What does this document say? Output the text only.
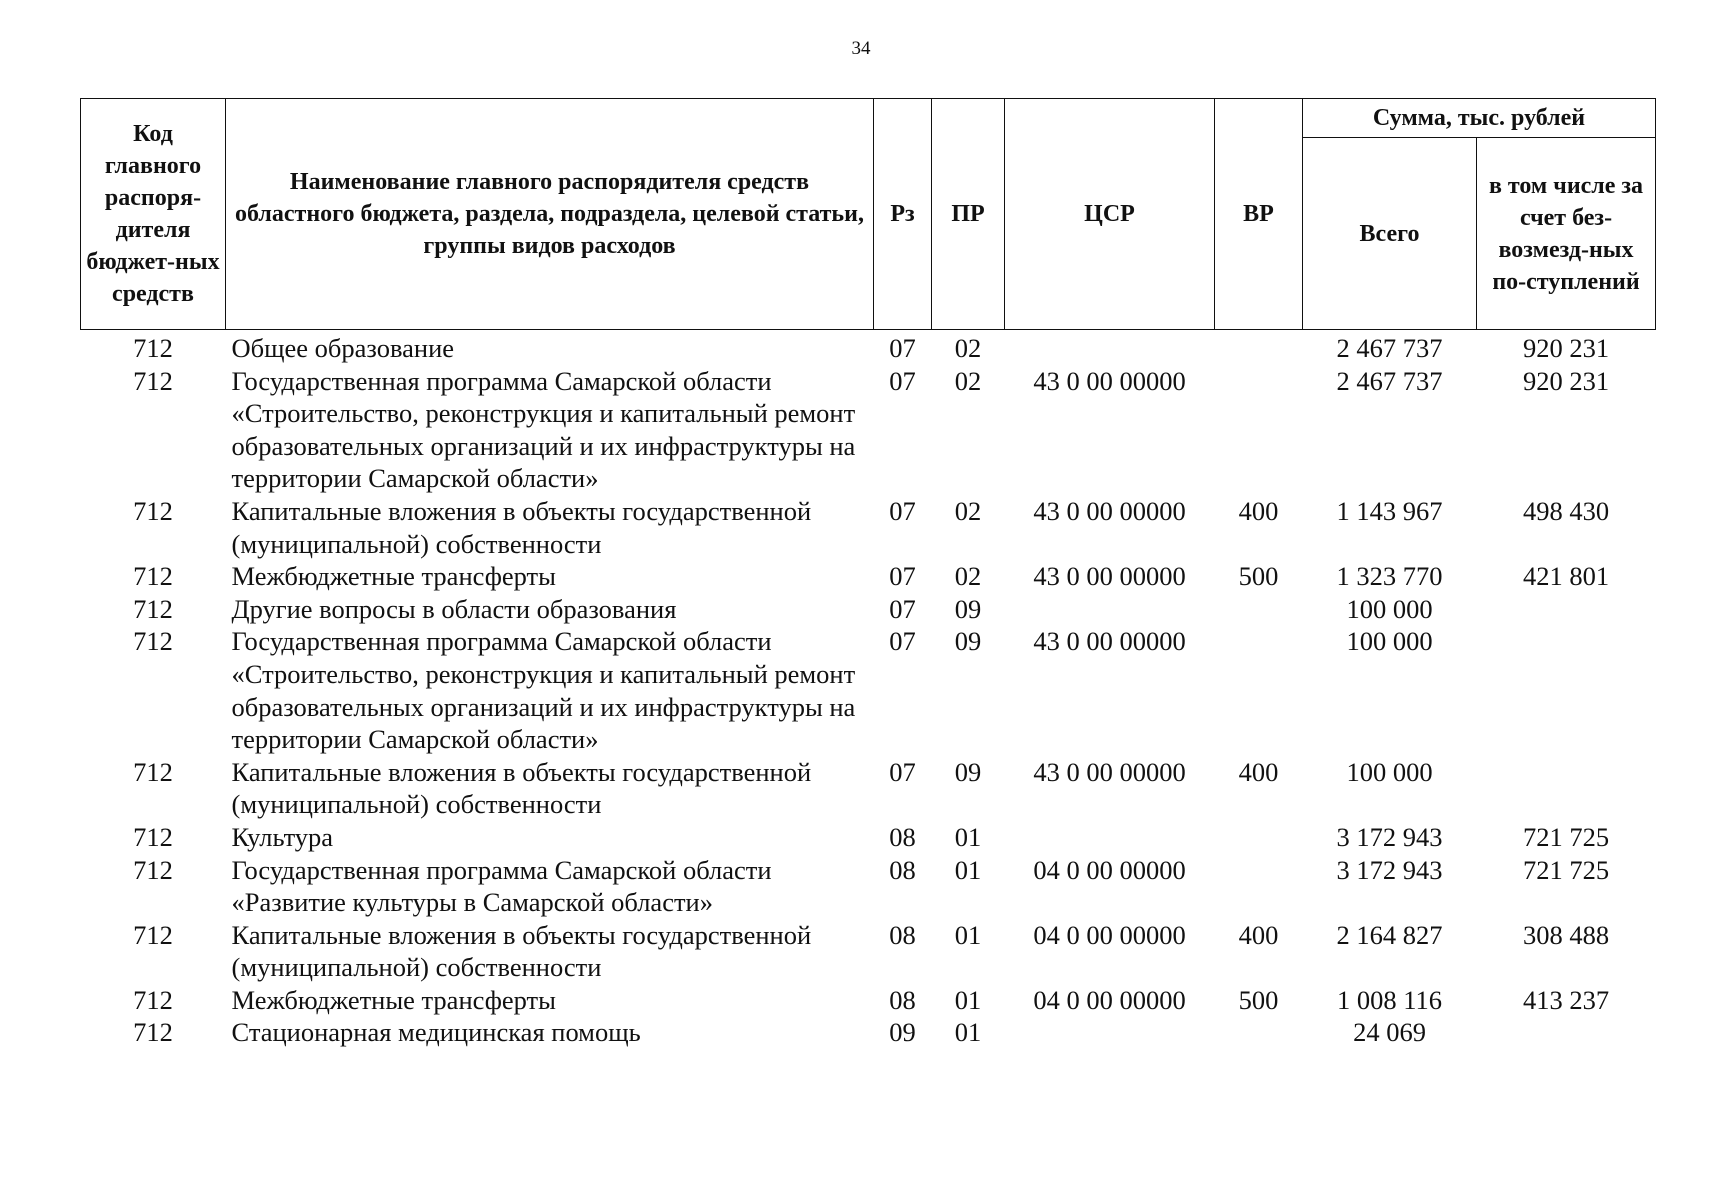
34
Код главного распоря-дителя бюджет-ных средств	Наименование главного распорядителя средств областного бюджета, раздела, подраздела, целевой статьи, группы видов расходов	Рз	ПР	ЦСР	ВР	Сумма, тыс. рублей	
						Всего	в том числе за счет без-возмезд-ных по-ступлений
712	Общее образование	07	02			2 467 737	920 231
712	Государственная программа Самарской области «Строительство, реконструкция и капитальный ремонт образовательных организаций и их инфраструктуры на территории Самарской области»	07	02	43 0 00 00000		2 467 737	920 231
712	Капитальные вложения в объекты государственной (муниципальной) собственности	07	02	43 0 00 00000	400	1 143 967	498 430
712	Межбюджетные трансферты	07	02	43 0 00 00000	500	1 323 770	421 801
712	Другие вопросы в области образования	07	09			100 000	
712	Государственная программа Самарской области «Строительство, реконструкция и капитальный ремонт образовательных организаций и их инфраструктуры на территории Самарской области»	07	09	43 0 00 00000		100 000	
712	Капитальные вложения в объекты государственной (муниципальной) собственности	07	09	43 0 00 00000	400	100 000	
712	Культура	08	01			3 172 943	721 725
712	Государственная программа Самарской области «Развитие культуры в Самарской области»	08	01	04 0 00 00000		3 172 943	721 725
712	Капитальные вложения в объекты государственной (муниципальной) собственности	08	01	04 0 00 00000	400	2 164 827	308 488
712	Межбюджетные трансферты	08	01	04 0 00 00000	500	1 008 116	413 237
712	Стационарная медицинская помощь	09	01			24 069	
